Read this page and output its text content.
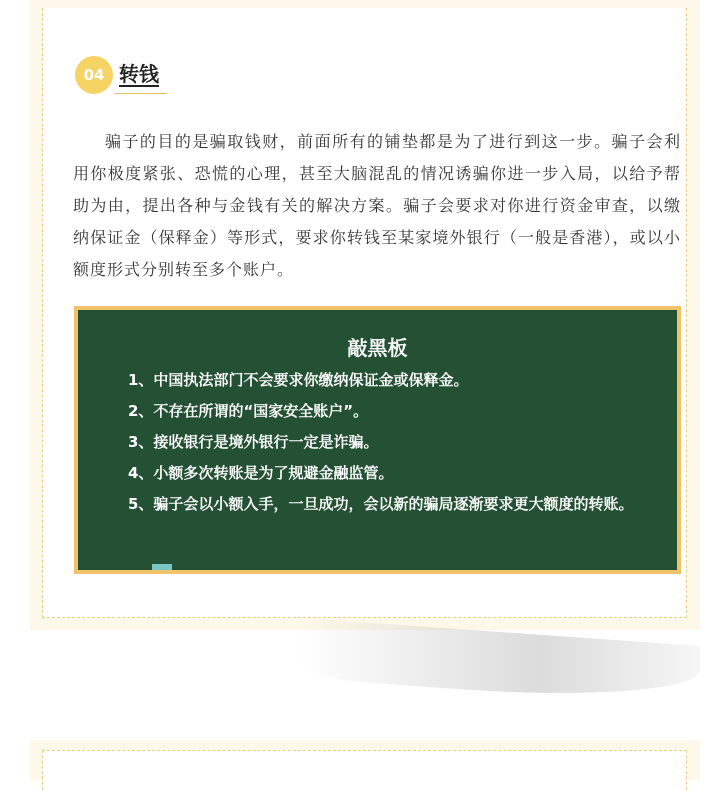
04 转钱
骗子的目的是骗取钱财，前面所有的铺垫都是为了进行到这一步。骗子会利用你极度紧张、恐慌的心理，甚至大脑混乱的情况诱骗你进一步入局，以给予帮助为由，提出各种与金钱有关的解决方案。骗子会要求对你进行资金审查，以缴纳保证金（保释金）等形式，要求你转钱至某家境外银行（一般是香港），或以小额度形式分别转至多个账户。
敲黑板

1、中国执法部门不会要求你缴纳保证金或保释金。

2、不存在所谓的“国家安全账户”。

3、接收银行是境外银行一定是诈骗。

4、小额多次转账是为了规避金融监管。

5、骗子会以小额入手，一旦成功，会以新的骗局逐渐要求更大额度的转账。
